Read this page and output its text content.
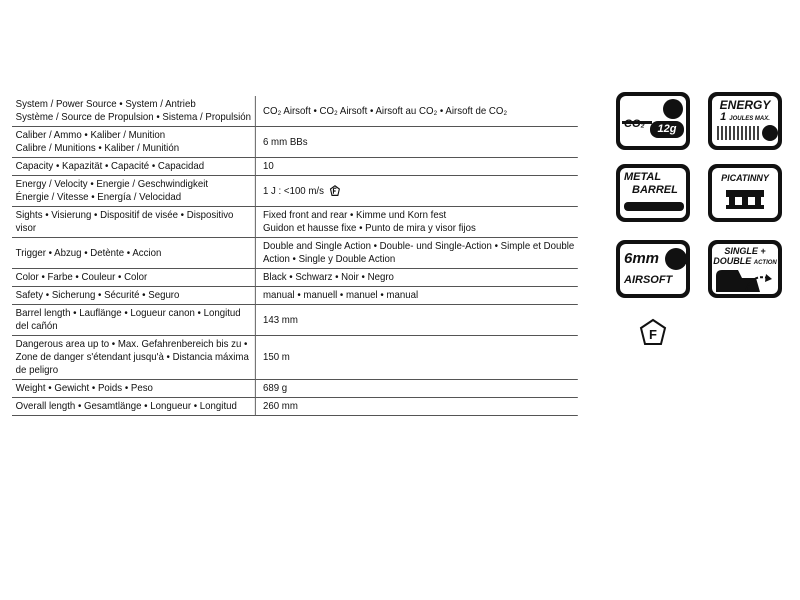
System / Power Source • System / Antrieb
Système / Source de Propulsion • Sistema / Propulsión	CO₂ Airsoft • CO₂ Airsoft • Airsoft au CO₂ • Airsoft de CO₂

Caliber / Ammo • Kaliber / Munition
Calibre / Munitions • Kaliber / Munitión	6 mm BBs

Capacity • Kapazität • Capacité • Capacidad	10

Energy / Velocity • Energie / Geschwindigkeit
Énergie / Vitesse • Energía / Velocidad	1 J : <100 m/s

Sights • Visierung • Dispositif de visée • Dispositivo
visor	Fixed front and rear • Kimme und Korn fest
Guidon et hausse fixe • Punto de mira y visor fijos

Trigger • Abzug • Detènte • Accion	Double and Single Action • Double- und Single-Action • Simple et Double
Action • Single y Double Action

Color • Farbe • Couleur • Color	Black • Schwarz • Noir • Negro

Safety • Sicherung • Sécurité • Seguro	manual • manuell • manuel • manual

Barrel length • Lauflänge • Logueur canon • Longitud
del cañón	143 mm

Dangerous area up to • Max. Gefahrenbereich bis zu •
Zone de danger s'étendant jusqu'à • Distancia máxima
de peligro	150 m

Weight • Gewicht • Poids • Peso	689 g

Overall length • Gesamtlänge • Longueur • Longitud	260 mm
CO₂	12g
ENERGY
1 JOULES MAX.
METAL
BARREL
PICATINNY
6mm
AIRSOFT
SINGLE +
DOUBLE ACTION
F
